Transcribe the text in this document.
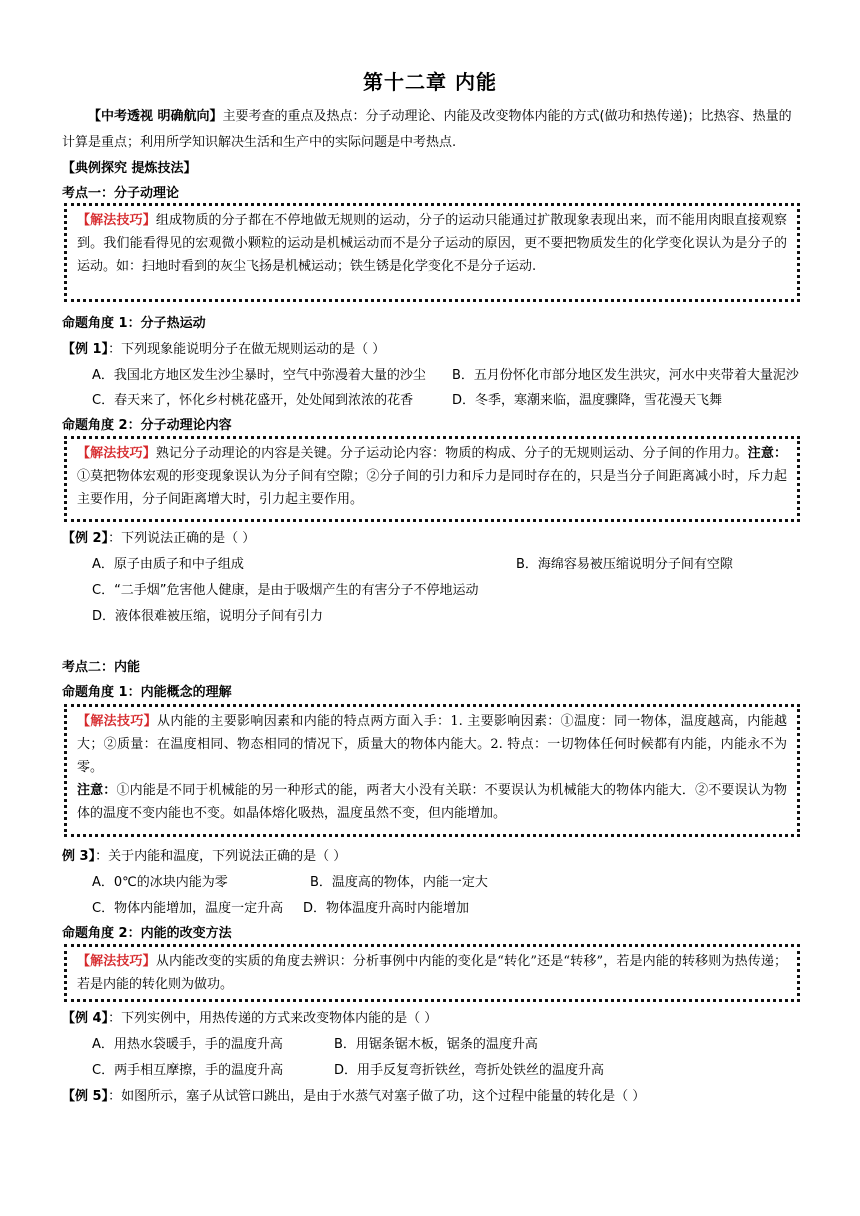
第十二章 内能
【中考透视 明确航向】主要考查的重点及热点：分子动理论、内能及改变物体内能的方式(做功和热传递)；比热容、热量的计算是重点；利用所学知识解决生活和生产中的实际问题是中考热点.
【典例探究 提炼技法】
考点一：分子动理论

【解法技巧】组成物质的分子都在不停地做无规则的运动，分子的运动只能通过扩散现象表现出来，而不能用肉眼直接观察到。我们能看得见的宏观微小颗粒的运动是机械运动而不是分子运动的原因，更不要把物质发生的化学变化误认为是分子的运动。如：扫地时看到的灰尘飞扬是机械运动；铁生锈是化学变化不是分子运动.

命题角度 1：分子热运动
【例 1】：下列现象能说明分子在做无规则运动的是（ ）
A．我国北方地区发生沙尘暴时，空气中弥漫着大量的沙尘 B．五月份怀化市部分地区发生洪灾，河水中夹带着大量泥沙
C．春天来了，怀化乡村桃花盛开，处处闻到浓浓的花香	D．冬季，寒潮来临，温度骤降，雪花漫天飞舞
命题角度 2：分子动理论内容

【解法技巧】熟记分子动理论的内容是关键。分子运动论内容：物质的构成、分子的无规则运动、分子间的作用力。注意：①莫把物体宏观的形变现象误认为分子间有空隙；②分子间的引力和斥力是同时存在的，只是当分子间距离减小时，斥力起主要作用，分子间距离增大时，引力起主要作用。

【例 2】：下列说法正确的是（ ）
A．原子由质子和中子组成	B．海绵容易被压缩说明分子间有空隙
C．“二手烟”危害他人健康，是由于吸烟产生的有害分子不停地运动
D．液体很难被压缩，说明分子间有引力
考点二：内能
命题角度 1：内能概念的理解

【解法技巧】从内能的主要影响因素和内能的特点两方面入手：1. 主要影响因素：①温度：同一物体，温度越高，内能越大；②质量：在温度相同、物态相同的情况下，质量大的物体内能大。2. 特点：一切物体任何时候都有内能，内能永不为零。

注意：①内能是不同于机械能的另一种形式的能，两者大小没有关联：不要误认为机械能大的物体内能大．②不要误认为物体的温度不变内能也不变。如晶体熔化吸热，温度虽然不变，但内能增加。

例 3】：关于内能和温度，下列说法正确的是（ ）
A．0℃的冰块内能为零	B．温度高的物体，内能一定大
C．物体内能增加，温度一定升高 D．物体温度升高时内能增加
命题角度 2：内能的改变方法

【解法技巧】从内能改变的实质的角度去辨识：分析事例中内能的变化是“转化”还是“转移”，若是内能的转移则为热传递；若是内能的转化则为做功。

【例 4】：下列实例中，用热传递的方式来改变物体内能的是（ ）
A．用热水袋暖手，手的温度升高	B．用锯条锯木板，锯条的温度升高
C．两手相互摩擦，手的温度升高	D．用手反复弯折铁丝，弯折处铁丝的温度升高
【例 5】：如图所示，塞子从试管口跳出，是由于水蒸气对塞子做了功，这个过程中能量的转化是（ ）
